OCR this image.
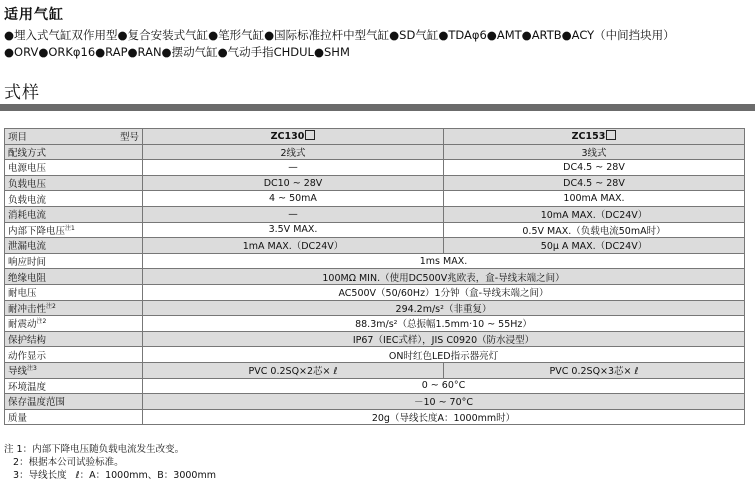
适用气缸
●埋入式气缸双作用型●复合安装式气缸●笔形气缸●国际标准拉杆中型气缸●SD气缸●TDAφ6●AMT●ARTB●ACY（中间挡块用）
●ORV●ORKφ16●RAP●RAN●摆动气缸●气动手指CHDUL●SHM
式样
项目 型号	ZC130	ZC153
配线方式	2线式	3线式
电源电压	—	DC4.5 ~ 28V
负载电压	DC10 ~ 28V	DC4.5 ~ 28V
负载电流	4 ~ 50mA	100mA MAX.
消耗电流	—	10mA MAX.（DC24V）
内部下降电压$^{注1}$	3.5V MAX.	0.5V MAX.（负载电流50mA时）
泄漏电流	1mA MAX.（DC24V）	50μ A MAX.（DC24V）
响应时间	1ms MAX.	
绝缘电阻	100MΩ MIN.（使用DC500V兆欧表，盒-导线末端之间）	
耐电压	AC500V（50/60Hz）1分钟（盒-导线末端之间）	
耐冲击性$^{注2}$	294.2m/s²（非重复）	
耐震动$^{注2}$	88.3m/s²（总振幅1.5mm·10 ~ 55Hz）	
保护结构	IP67（IEC式样），JIS C0920（防水浸型）	
动作显示	ON时红色LED指示器亮灯	
导线$^{注3}$	PVC 0.2SQ×2芯× ℓ	PVC 0.2SQ×3芯× ℓ
环境温度	0 ~ 60°C	
保存温度范围	－10 ~ 70°C	
质量	20g（导线长度A：1000mm时）	
注 1：内部下降电压随负载电流发生改变。
2：根据本公司试验标准。
3：导线长度   ℓ：A：1000mm、B：3000mm
